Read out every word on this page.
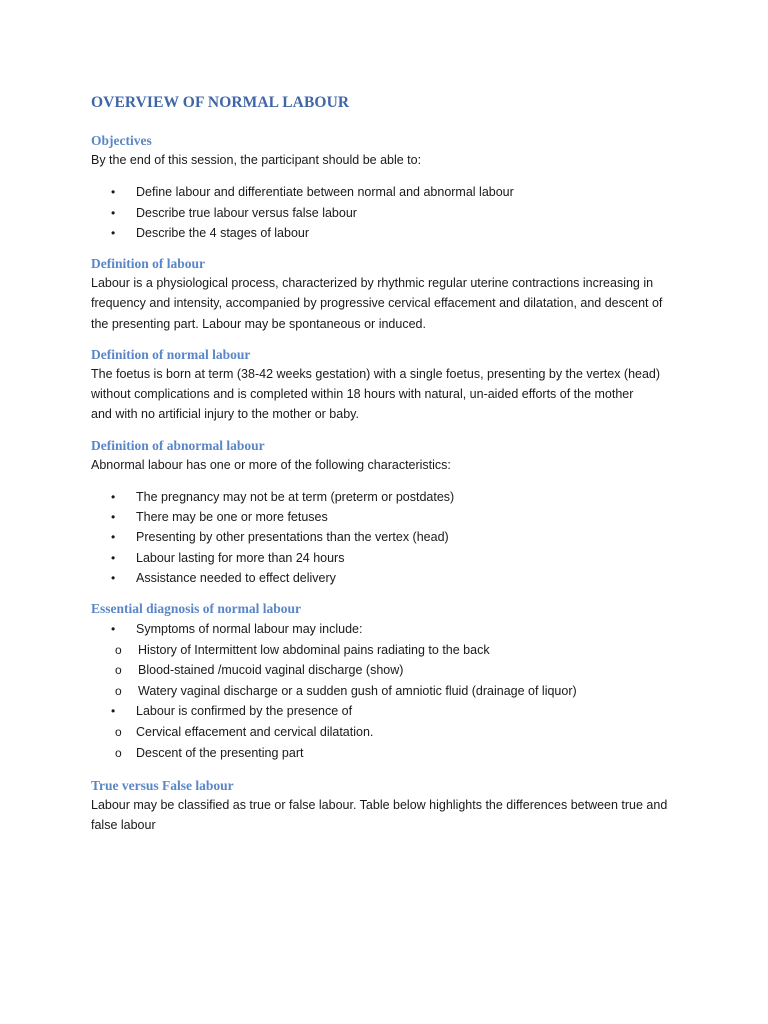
OVERVIEW OF NORMAL LABOUR
Objectives

By the end of this session, the participant should be able to:

• Define labour and differentiate between normal and abnormal labour
• Describe true labour versus false labour
• Describe the 4 stages of labour
Definition of labour

Labour is a physiological process, characterized by rhythmic regular uterine contractions increasing in

frequency and intensity, accompanied by progressive cervical effacement and dilatation, and descent of

the presenting part. Labour may be spontaneous or induced.

Definition of normal labour

The foetus is born at term (38-42 weeks gestation) with a single foetus, presenting by the vertex (head)

without complications and is completed within 18 hours with natural, un-aided efforts of the mother

and with no artificial injury to the mother or baby.

Definition of abnormal labour

Abnormal labour has one or more of the following characteristics:

• The pregnancy may not be at term (preterm or postdates)
• There may be one or more fetuses
• Presenting by other presentations than the vertex (head)
• Labour lasting for more than 24 hours
• Assistance needed to effect delivery
Essential diagnosis of normal labour
• Symptoms of normal labour may include:
o History of Intermittent low abdominal pains radiating to the back
o Blood-stained /mucoid vaginal discharge (show)
o Watery vaginal discharge or a sudden gush of amniotic fluid (drainage of liquor)
• Labour is confirmed by the presence of
o Cervical effacement and cervical dilatation.
o Descent of the presenting part
True versus False labour

Labour may be classified as true or false labour. Table below highlights the differences between true and

false labour
